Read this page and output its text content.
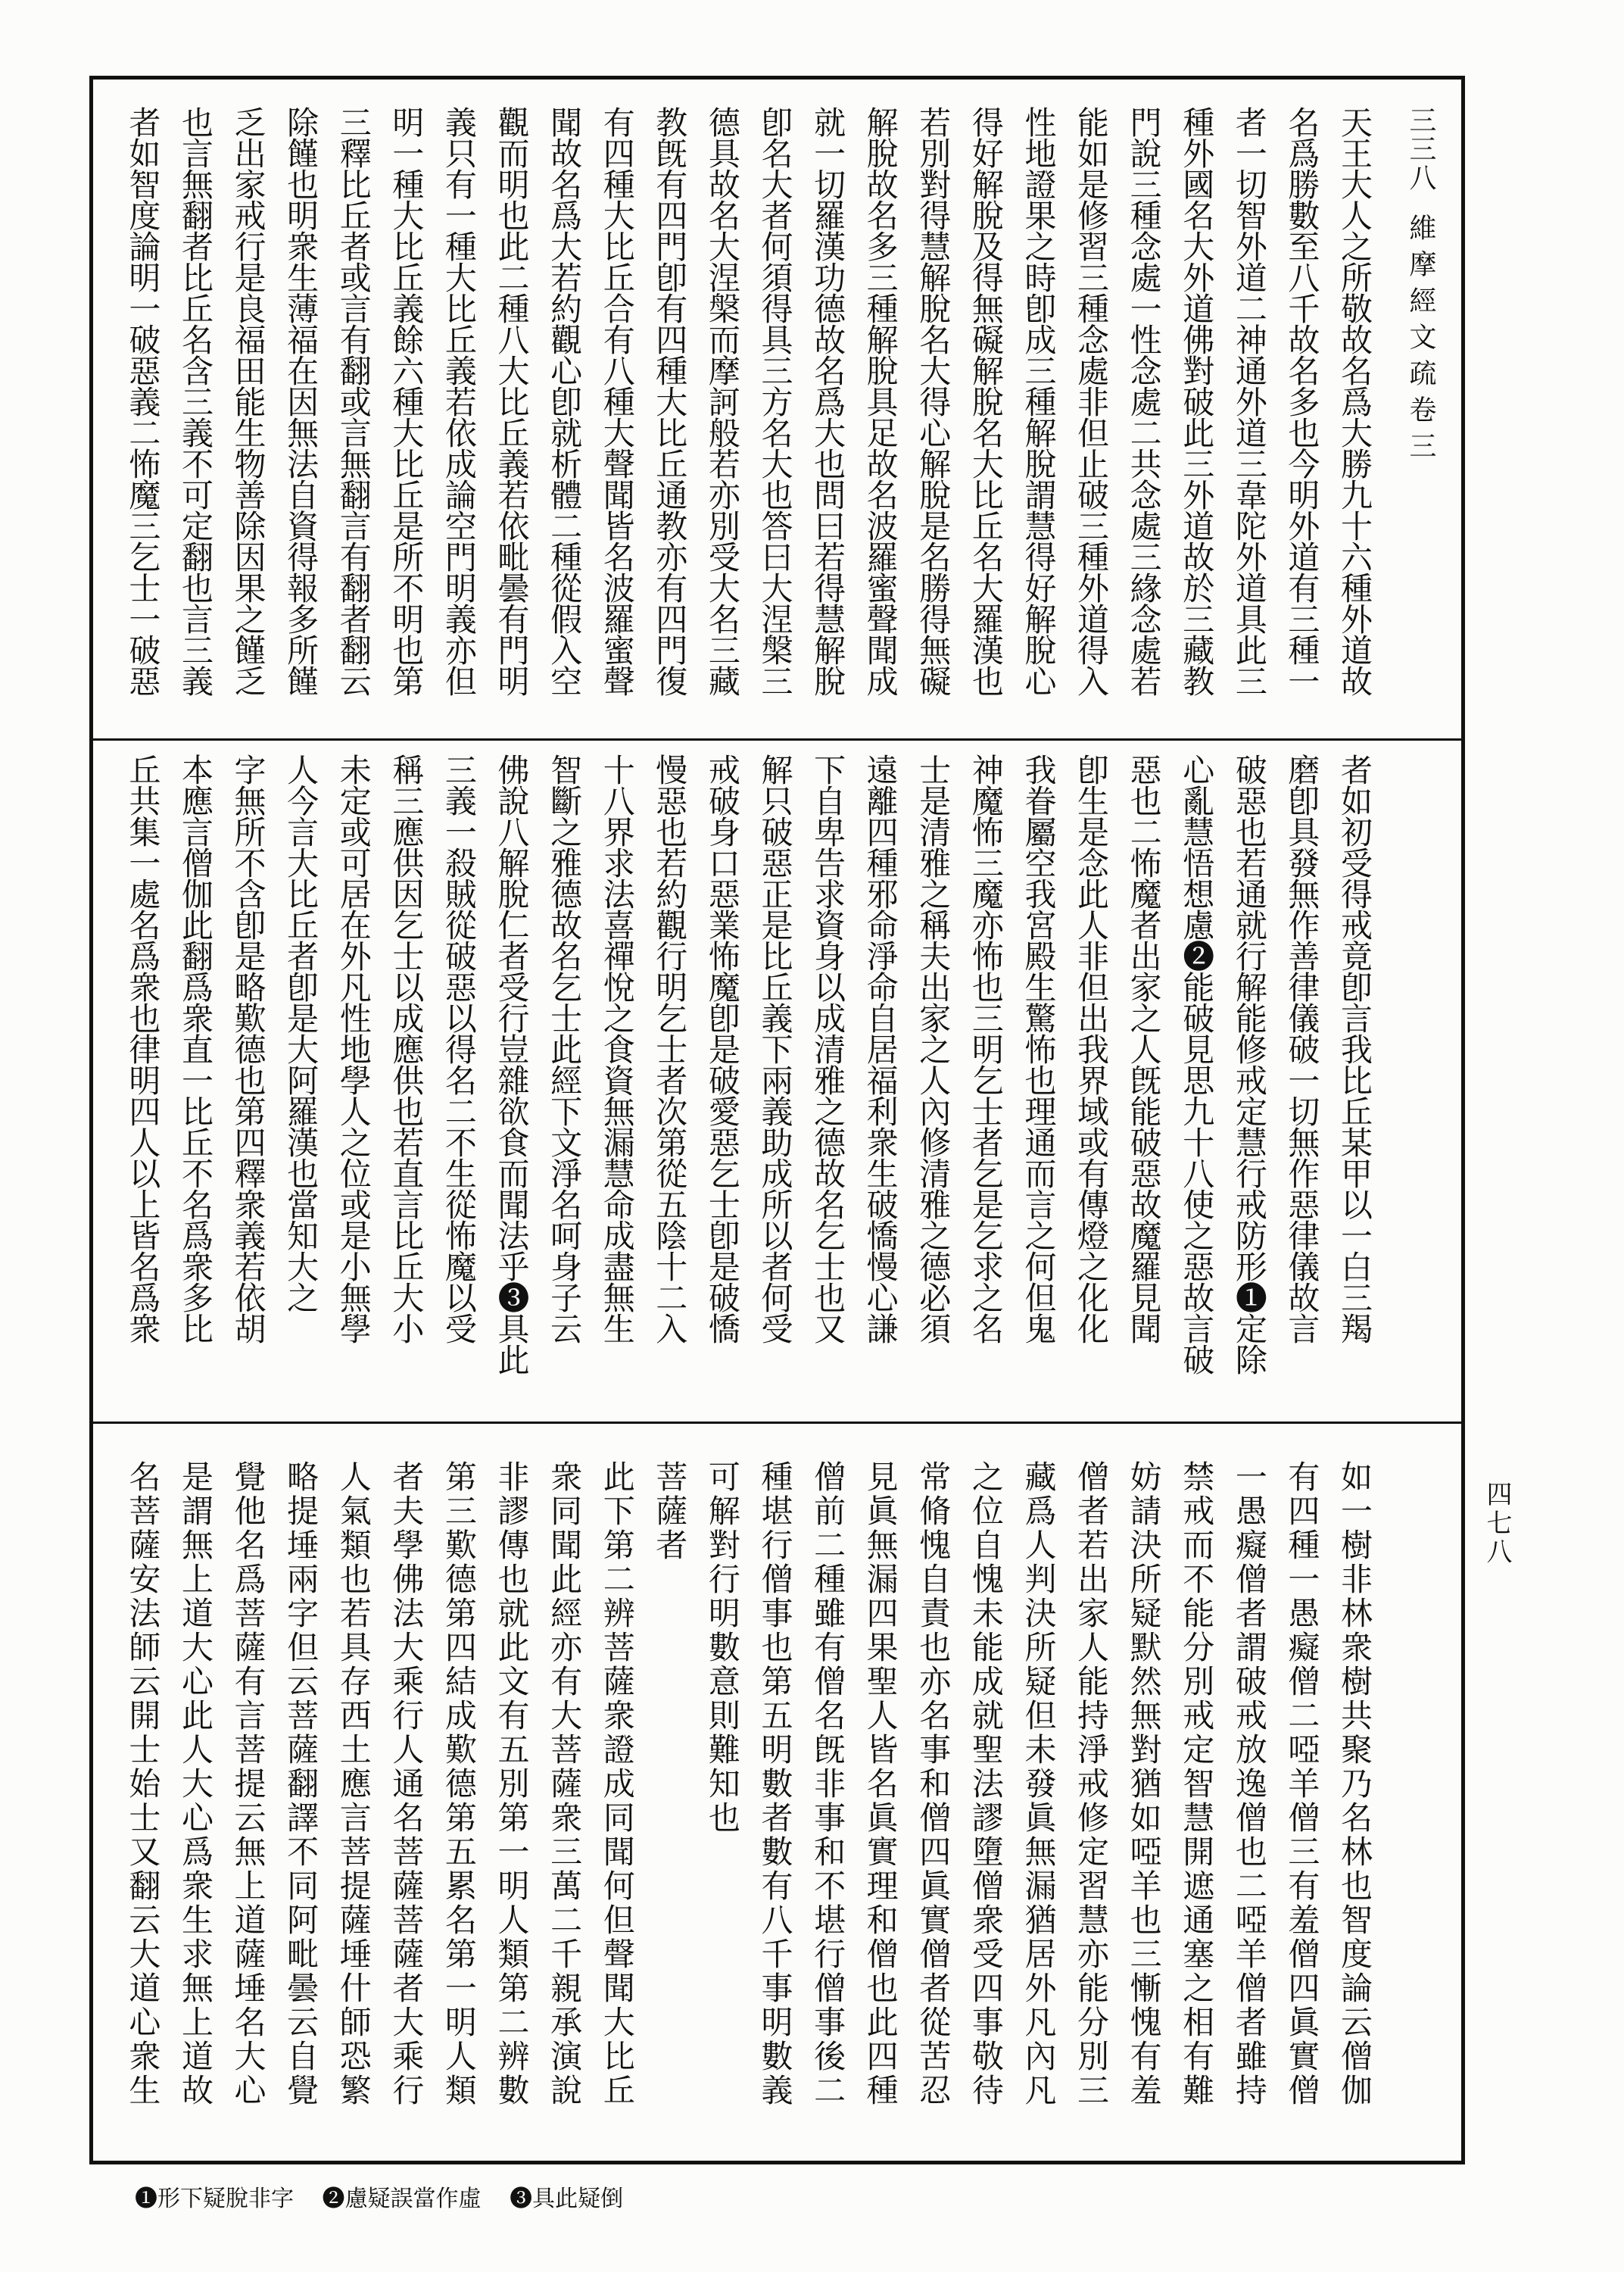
三三八
維摩經文疏卷三
四七八
天王大人之所敬故名爲大勝九十六種外道故
名爲勝數至八千故名多也今明外道有三種一
者一切智外道二神通外道三韋陀外道具此三
種外國名大外道佛對破此三外道故於三藏教
門說三種念處一性念處二共念處三緣念處若
能如是修習三種念處非但止破三種外道得入
性地證果之時卽成三種解脫謂慧得好解脫心
得好解脫及得無礙解脫名大比丘名大羅漢也
若別對得慧解脫名大得心解脫是名勝得無礙
解脫故名多三種解脫具足故名波羅蜜聲聞成
就一切羅漢功德故名爲大也問曰若得慧解脫
卽名大者何須得具三方名大也答曰大涅槃三
德具故名大涅槃而摩訶般若亦別受大名三藏
教旣有四門卽有四種大比丘通教亦有四門復
有四種大比丘合有八種大聲聞皆名波羅蜜聲
聞故名爲大若約觀心卽就析體二種從假入空
觀而明也此二種八大比丘義若依毗曇有門明
義只有一種大比丘義若依成論空門明義亦但
明一種大比丘義餘六種大比丘是所不明也第
三釋比丘者或言有翻或言無翻言有翻者翻云
除饉也明衆生薄福在因無法自資得報多所饉
乏出家戒行是良福田能生物善除因果之饉乏
也言無翻者比丘名含三義不可定翻也言三義
者如智度論明一破惡義二怖魔三乞士一破惡
者如初受得戒竟卽言我比丘某甲以一白三羯
磨卽具發無作善律儀破一切無作惡律儀故言
破惡也若通就行解能修戒定慧行戒防形❶定除
心亂慧悟想慮❷能破見思九十八使之惡故言破
惡也二怖魔者出家之人旣能破惡故魔羅見聞
卽生是念此人非但出我界域或有傳燈之化化
我眷屬空我宮殿生驚怖也理通而言之何但鬼
神魔怖三魔亦怖也三明乞士者乞是乞求之名
士是清雅之稱夫出家之人內修清雅之德必須
遠離四種邪命淨命自居福利衆生破憍慢心謙
下自卑告求資身以成清雅之德故名乞士也又
解只破惡正是比丘義下兩義助成所以者何受
戒破身口惡業怖魔卽是破愛惡乞士卽是破憍
慢惡也若約觀行明乞士者次第從五陰十二入
十八界求法喜禪悅之食資無漏慧命成盡無生
智斷之雅德故名乞士此經下文淨名呵身子云
佛說八解脫仁者受行豈雜欲食而聞法乎❸具此
三義一殺賊從破惡以得名二不生從怖魔以受
稱三應供因乞士以成應供也若直言比丘大小
未定或可居在外凡性地學人之位或是小無學
人今言大比丘者卽是大阿羅漢也當知大之
字無所不含卽是略歎德也第四釋衆義若依胡
本應言僧伽此翻爲衆直一比丘不名爲衆多比
丘共集一處名爲衆也律明四人以上皆名爲衆
如一樹非林衆樹共聚乃名林也智度論云僧伽
有四種一愚癡僧二啞羊僧三有羞僧四眞實僧
一愚癡僧者謂破戒放逸僧也二啞羊僧者雖持
禁戒而不能分別戒定智慧開遮通塞之相有難
妨請決所疑默然無對猶如啞羊也三慚愧有羞
僧者若出家人能持淨戒修定習慧亦能分別三
藏爲人判決所疑但未發眞無漏猶居外凡內凡
之位自愧未能成就聖法謬墮僧衆受四事敬待
常脩愧自責也亦名事和僧四眞實僧者從苦忍
見眞無漏四果聖人皆名眞實理和僧也此四種
僧前二種雖有僧名旣非事和不堪行僧事後二
種堪行僧事也第五明數者數有八千事明數義
可解對行明數意則難知也
菩薩者
此下第二辨菩薩衆證成同聞何但聲聞大比丘
衆同聞此經亦有大菩薩衆三萬二千親承演說
非謬傳也就此文有五別第一明人類第二辨數
第三歎德第四結成歎德第五累名第一明人類
者夫學佛法大乘行人通名菩薩菩薩者大乘行
人氣類也若具存西土應言菩提薩埵什師恐繁
略提埵兩字但云菩薩翻譯不同阿毗曇云自覺
覺他名爲菩薩有言菩提云無上道薩埵名大心
是謂無上道大心此人大心爲衆生求無上道故
名菩薩安法師云開士始士又翻云大道心衆生
❶形下疑脫非字 ❷慮疑誤當作虛 ❸具此疑倒
